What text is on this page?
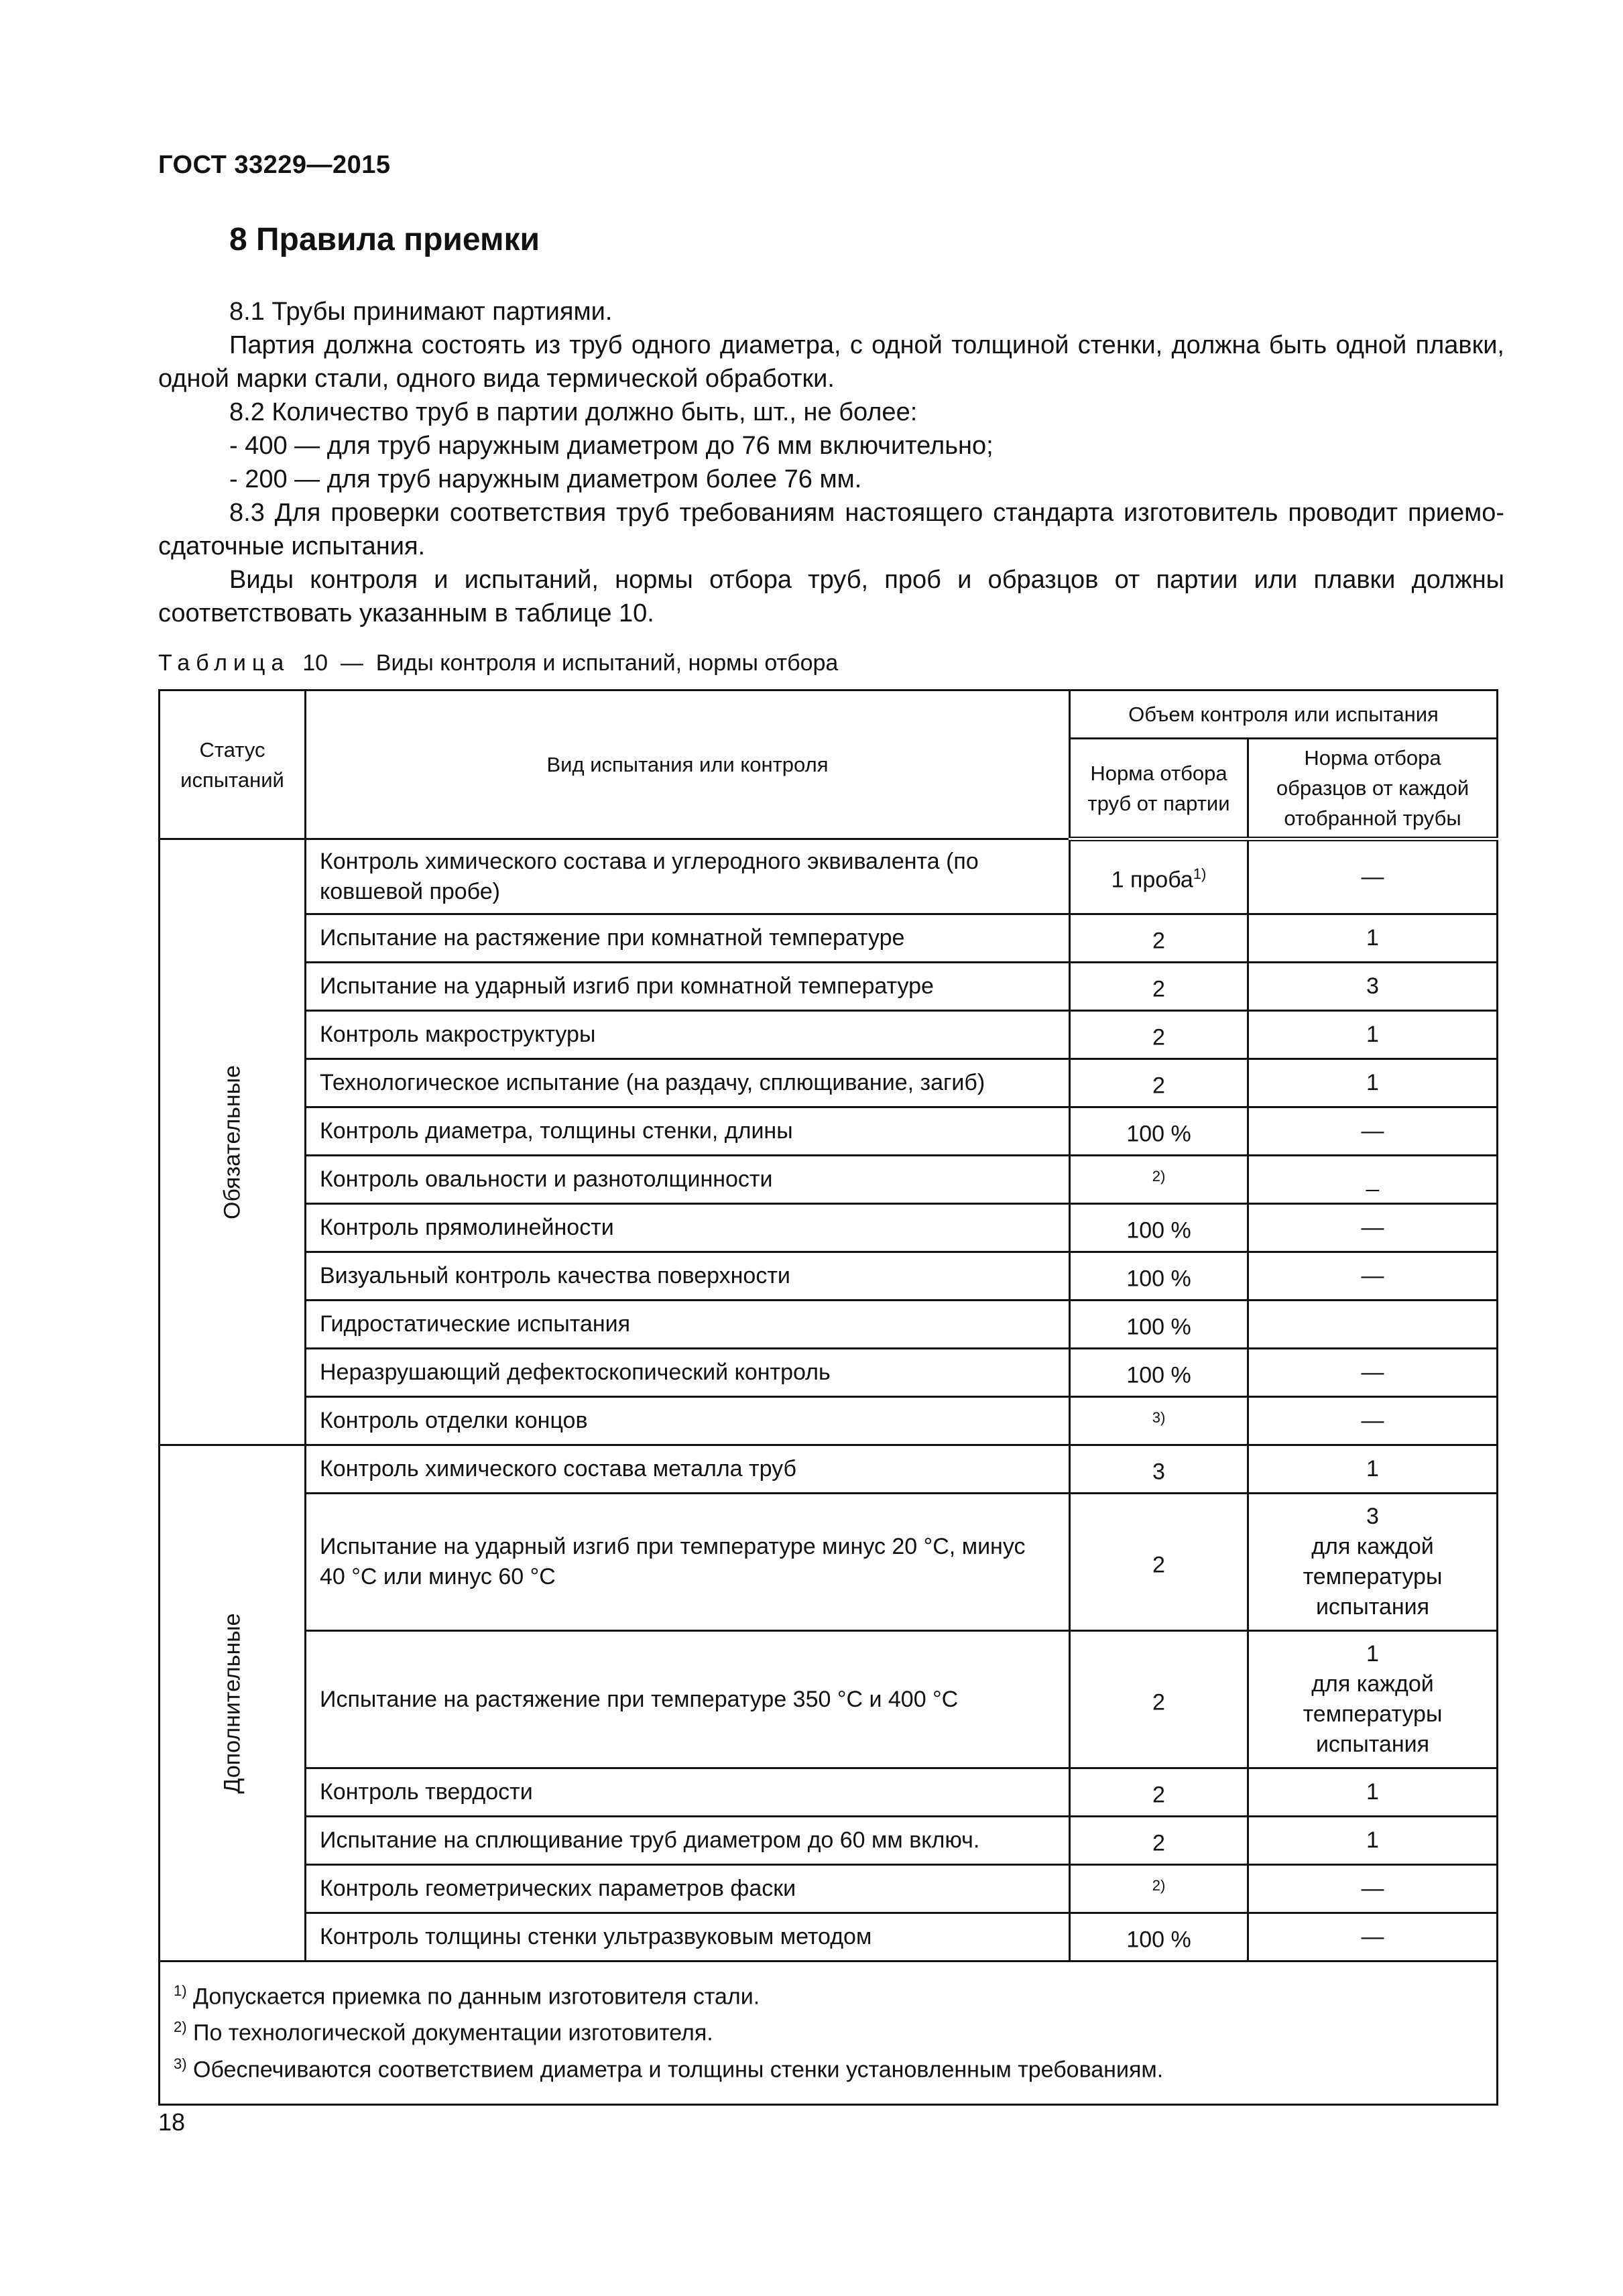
ГОСТ 33229—2015
8 Правила приемки

8.1 Трубы принимают партиями.

Партия должна состоять из труб одного диаметра, с одной толщиной стенки, должна быть одной плавки, одной марки стали, одного вида термической обработки.

8.2 Количество труб в партии должно быть, шт., не более:

- 400 — для труб наружным диаметром до 76 мм включительно;

- 200 — для труб наружным диаметром более 76 мм.

8.3 Для проверки соответствия труб требованиям настоящего стандарта изготовитель проводит приемо-сдаточные испытания.

Виды контроля и испытаний, нормы отбора труб, проб и образцов от партии или плавки должны соответствовать указанным в таблице 10.

Таблица  10  —  Виды контроля и испытаний, нормы отбора
Статус испытаний	Вид испытания или контроля	Объем контроля или испытания	
		Норма отбора труб от партии	Норма отбора образцов от каждой отобранной трубы

Обязательные	Контроль химического состава и углеродного эквивалента (по ковшевой пробе)	1 проба$^{1)}$	—

	Испытание на растяжение при комнатной температуре	2	1

	Испытание на ударный изгиб при комнатной температуре	2	3

	Контроль макроструктуры	2	1

	Технологическое испытание (на раздачу, сплющивание, загиб)	2	1

	Контроль диаметра, толщины стенки, длины	100 %	—

	Контроль овальности и разнотолщинности	$^{2)}$	_

	Контроль прямолинейности	100 %	—

	Визуальный контроль качества поверхности	100 %	—

	Гидростатические испытания	100 %	

	Неразрушающий дефектоскопический контроль	100 %	—

	Контроль отделки концов	$^{3)}$	—

Дополнительные	Контроль химического состава металла труб	3	1

	Испытание на ударный изгиб при температуре минус 20 °С, минус 40 °С или минус 60 °С	2	3
для каждой температуры испытания

	Испытание на растяжение при температуре 350 °С и 400 °С	2	1
для каждой температуры испытания

	Контроль твердости	2	1

	Испытание на сплющивание труб диаметром до 60 мм включ.	2	1

	Контроль геометрических параметров фаски	$^{2)}$	—

	Контроль толщины стенки ультразвуковым методом	100 %	—

$^{1)}$ Допускается приемка по данным изготовителя стали.
$^{2)}$ По технологической документации изготовителя.
$^{3)}$ Обеспечиваются соответствием диаметра и толщины стенки установленным требованиям.			
18
